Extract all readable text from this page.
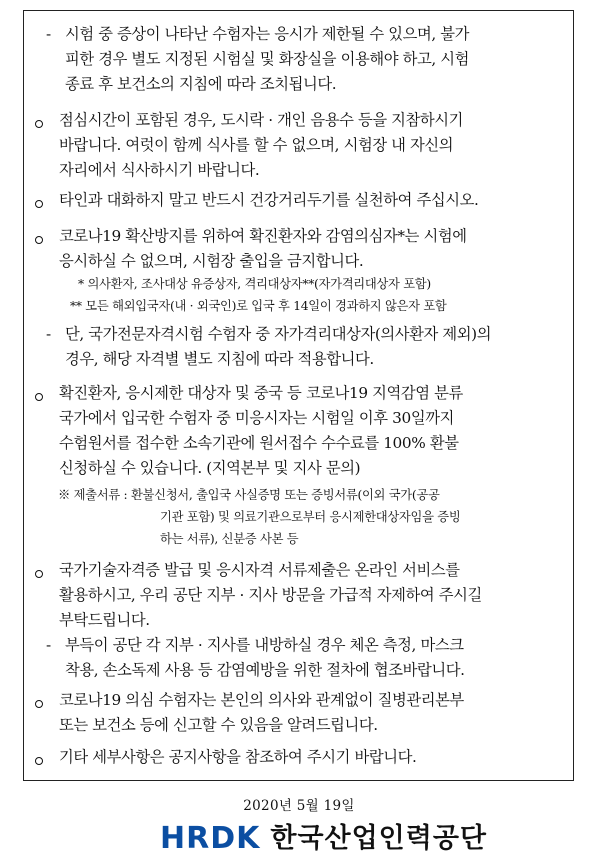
- 시험 중 증상이 나타난 수험자는 응시가 제한될 수 있으며, 불가
피한 경우 별도 지정된 시험실 및 화장실을 이용해야 하고, 시험
종료 후 보건소의 지침에 따라 조치됩니다.
점심시간이 포함된 경우, 도시락 · 개인 음용수 등을 지참하시기
바랍니다. 여럿이 함께 식사를 할 수 없으며, 시험장 내 자신의
자리에서 식사하시기 바랍니다.
타인과 대화하지 말고 반드시 건강거리두기를 실천하여 주십시오.
코로나19 확산방지를 위하여 확진환자와 감염의심자*는 시험에
응시하실 수 없으며, 시험장 출입을 금지합니다.
* 의사환자, 조사대상 유증상자, 격리대상자**(자가격리대상자 포함)
** 모든 해외입국자(내 · 외국인)로 입국 후 14일이 경과하지 않은자 포함
- 단, 국가전문자격시험 수험자 중 자가격리대상자(의사환자 제외)의
경우, 해당 자격별 별도 지침에 따라 적용합니다.
확진환자, 응시제한 대상자 및 중국 등 코로나19 지역감염 분류
국가에서 입국한 수험자 중 미응시자는 시험일 이후 30일까지
수험원서를 접수한 소속기관에 원서접수 수수료를 100% 환불
신청하실 수 있습니다. (지역본부 및 지사 문의)
※ 제출서류 : 환불신청서, 출입국 사실증명 또는 증빙서류(이외 국가(공공
기관 포함) 및 의료기관으로부터 응시제한대상자임을 증빙
하는 서류), 신분증 사본 등
국가기술자격증 발급 및 응시자격 서류제출은 온라인 서비스를
활용하시고, 우리 공단 지부 · 지사 방문을 가급적 자제하여 주시길
부탁드립니다.
- 부득이 공단 각 지부 · 지사를 내방하실 경우 체온 측정, 마스크
착용, 손소독제 사용 등 감염예방을 위한 절차에 협조바랍니다.
코로나19 의심 수험자는 본인의 의사와 관계없이 질병관리본부
또는 보건소 등에 신고할 수 있음을 알려드립니다.
기타 세부사항은 공지사항을 참조하여 주시기 바랍니다.
2020년 5월 19일
HRDK 한국산업인력공단
